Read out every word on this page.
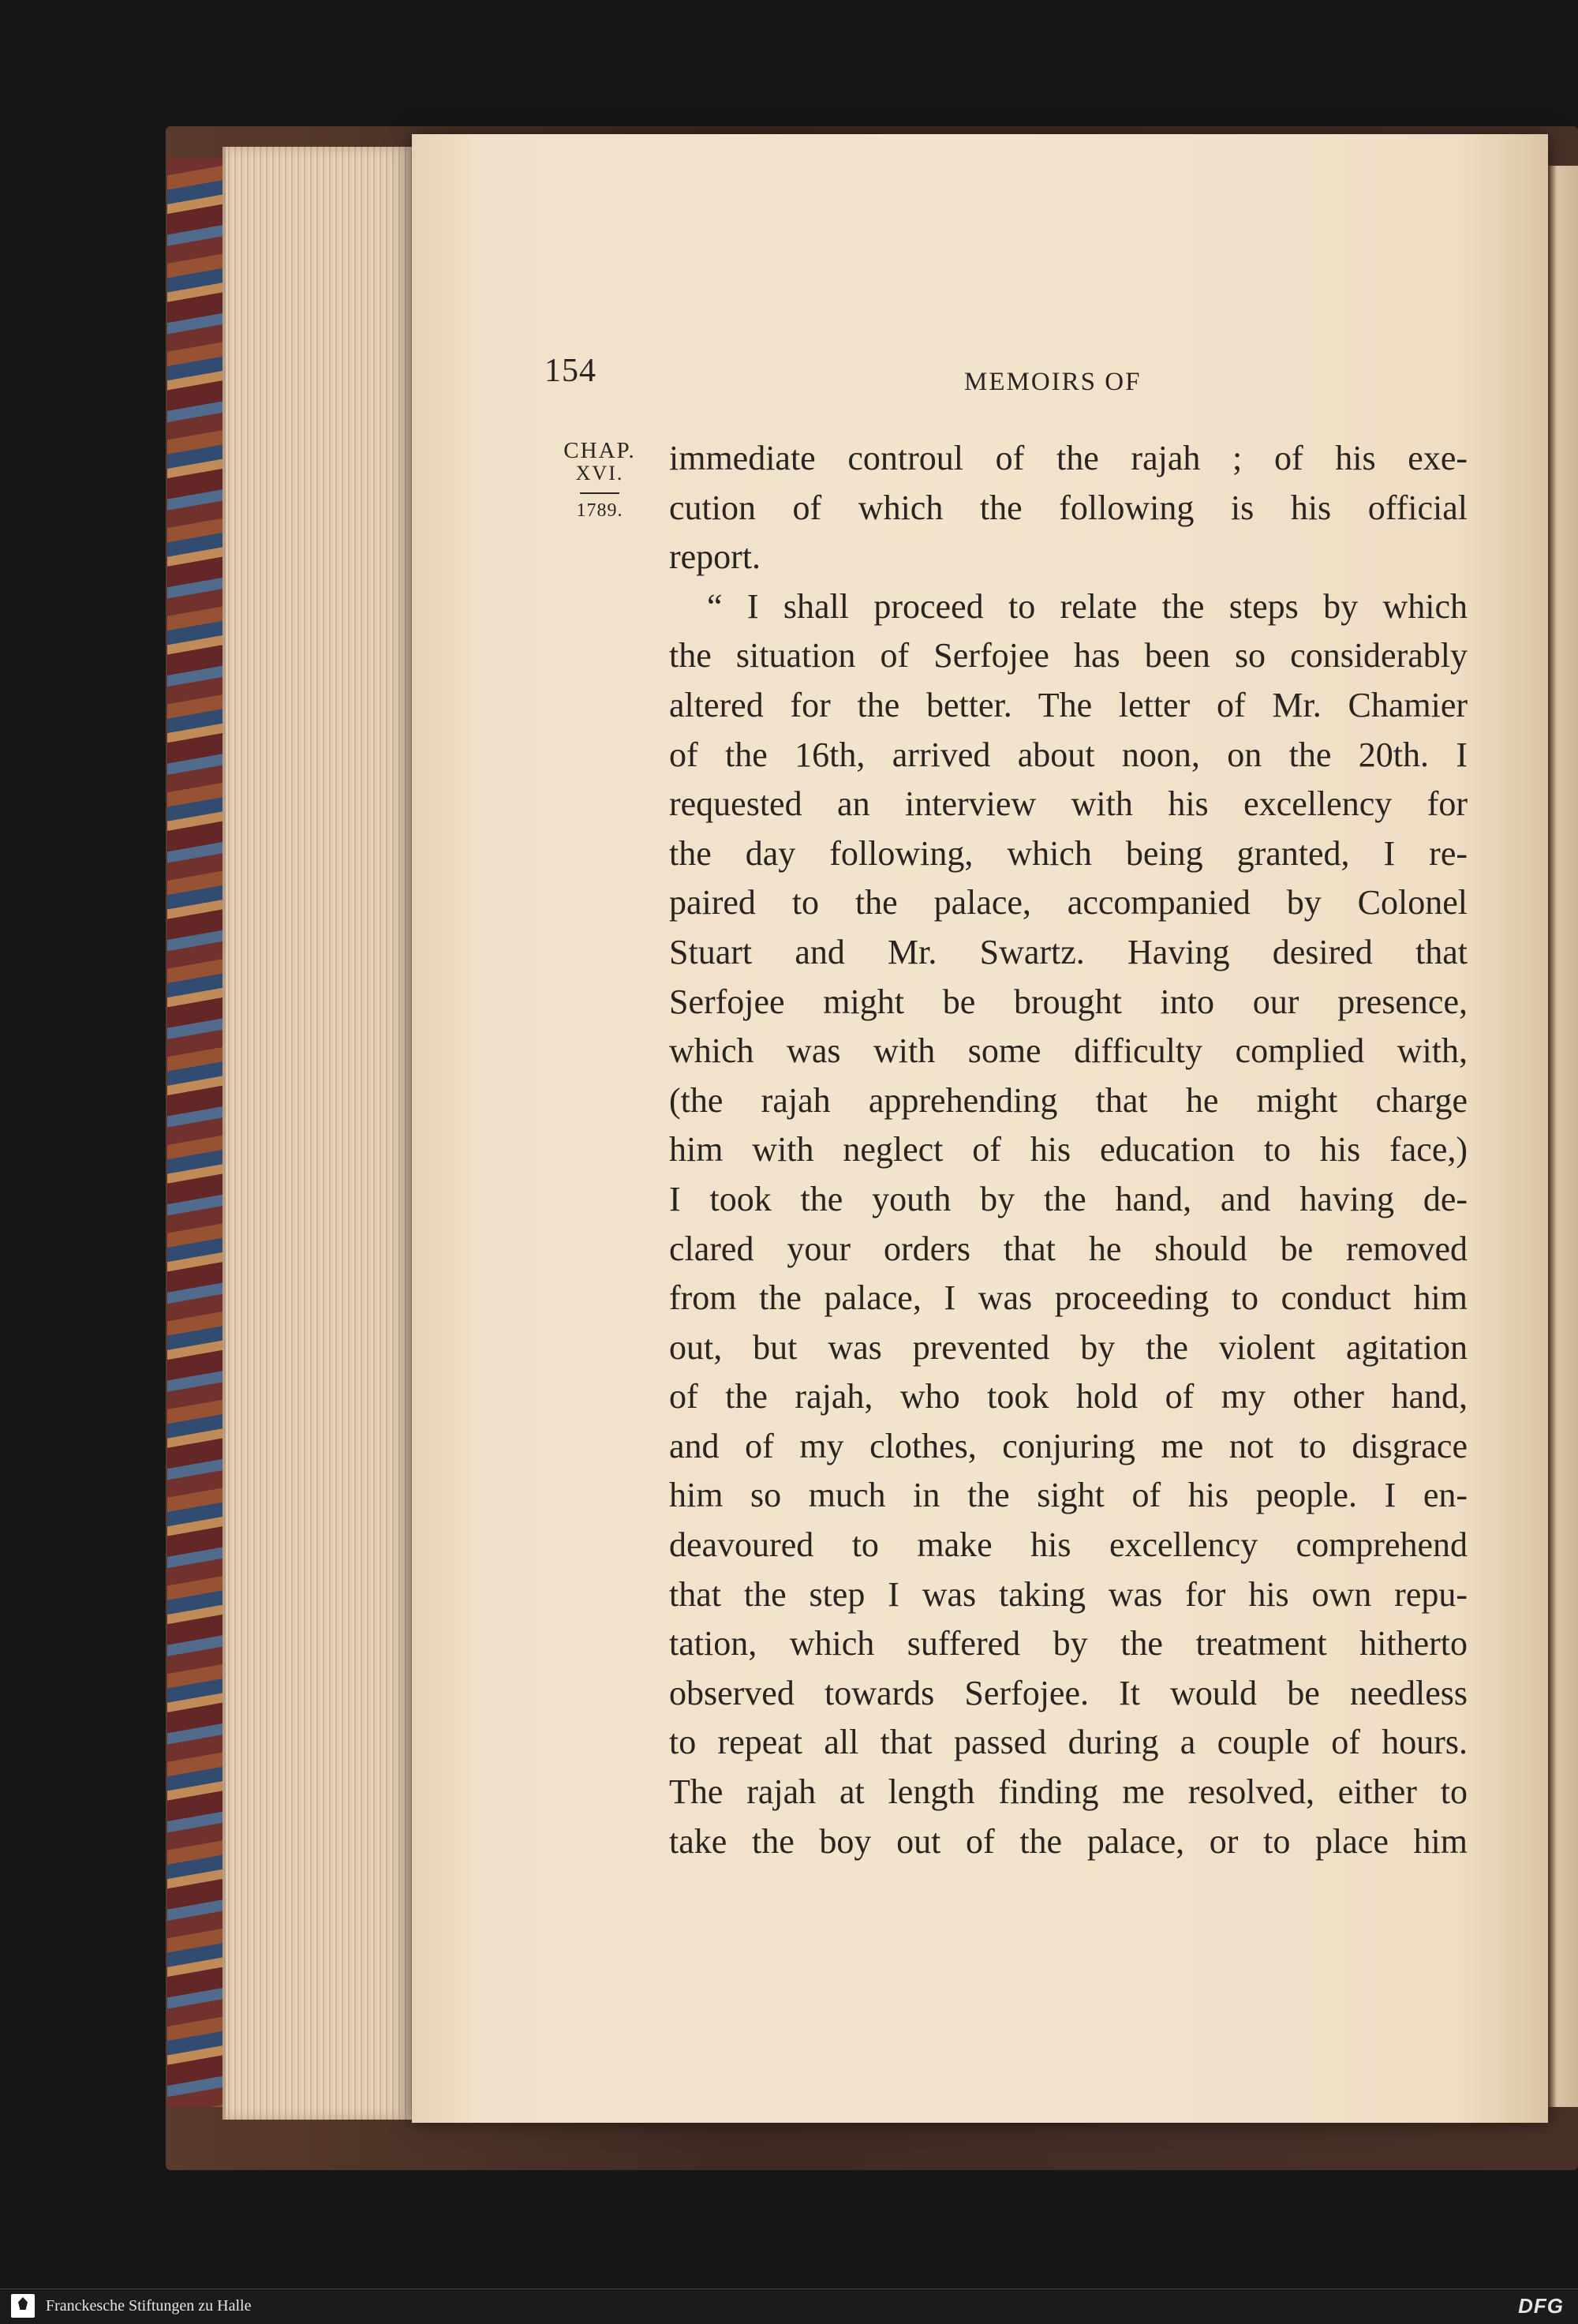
154	MEMOIRS OF
CHAP.
XVI.
1789.
immediate controul of the rajah ; of his exe-
cution of which the following is his official
report.
“ I shall proceed to relate the steps by which
the situation of Serfojee has been so considerably
altered for the better. The letter of Mr. Chamier
of the 16th, arrived about noon, on the 20th. I
requested an interview with his excellency for
the day following, which being granted, I re-
paired to the palace, accompanied by Colonel
Stuart and Mr. Swartz. Having desired that
Serfojee might be brought into our presence,
which was with some difficulty complied with,
(the rajah apprehending that he might charge
him with neglect of his education to his face,)
I took the youth by the hand, and having de-
clared your orders that he should be removed
from the palace, I was proceeding to conduct him
out, but was prevented by the violent agitation
of the rajah, who took hold of my other hand,
and of my clothes, conjuring me not to disgrace
him so much in the sight of his people. I en-
deavoured to make his excellency comprehend
that the step I was taking was for his own repu-
tation, which suffered by the treatment hitherto
observed towards Serfojee. It would be needless
to repeat all that passed during a couple of hours.
The rajah at length finding me resolved, either to
take the boy out of the palace, or to place him
Franckesche Stiftungen zu Halle	DFG
